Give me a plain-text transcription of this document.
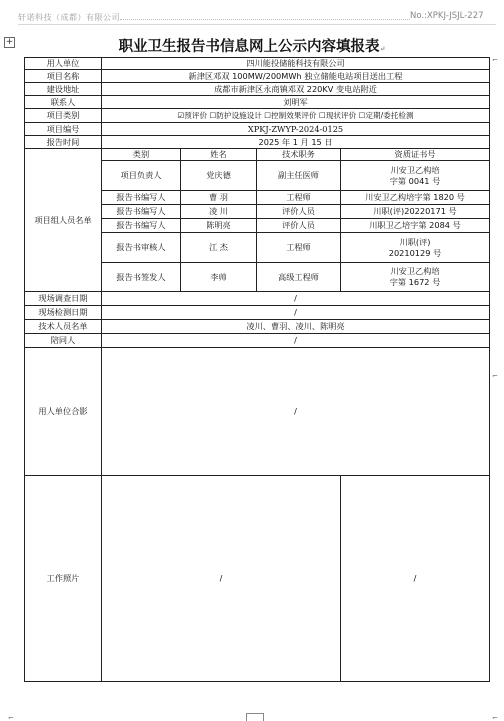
轩诺科技（成都）有限公司	No.:XPKJ-JSJL-227
+
⌐
⌐
职业卫生报告书信息网上公示内容填报表↵
用人单位	四川能投储能科技有限公司			
项目名称	新津区邓双 100MW/200MWh 独立储能电站项目送出工程			
建设地址	成都市新津区永商镇邓双 220KV 变电站附近			
联系人	刘明军			
项目类别	☑预评价 ☐防护设施设计 ☐控制效果评价 ☐现状评价 ☐定期/委托检测			
项目编号	XPKJ-ZWYP-2024-0125			
报告时间	2025 年 1 月 15 日			
项目组人员名单	类别	姓名	技术职务	资质证书号
	项目负责人	党庆德	副主任医师	川安卫乙构培
字第 0041 号
	报告书编写人	曹 羽	工程师	川安卫乙构培字第 1820 号
	报告书编写人	凌 川	评价人员	川职(评)20220171 号
	报告书编写人	陈明亮	评价人员	川职卫乙培字第 2084 号
	报告书审核人	江 杰	工程师	川职(评)
20210129 号
	报告书签发人	李帅	高级工程师	川安卫乙构培
字第 1672 号
现场调查日期	/			
现场检测日期	/			
技术人员名单	凌川、曹羽、凌川、陈明亮			
陪同人	/			
用人单位合影	/			
工作照片	/			/
⌐	⌐
